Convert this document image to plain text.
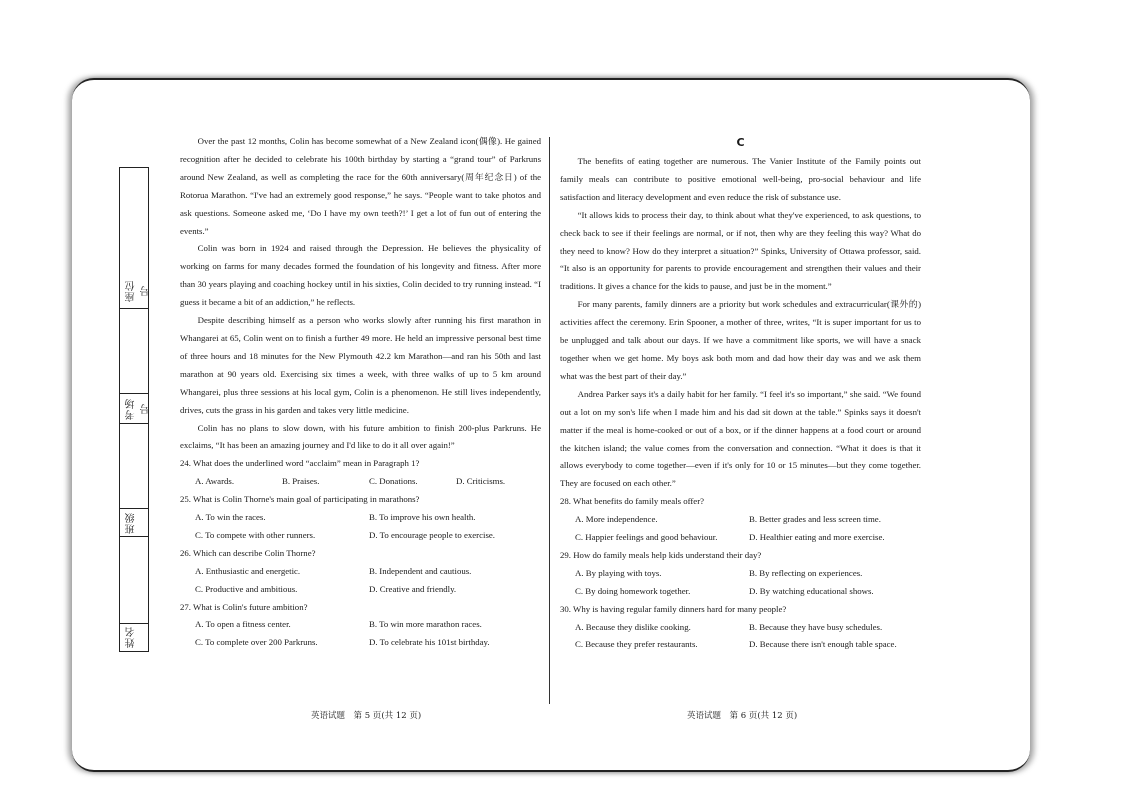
座位号
考场号
班级
姓名

Over the past 12 months, Colin has become somewhat of a New Zealand icon(偶像). He gained recognition after he decided to celebrate his 100th birthday by starting a “grand tour” of Parkruns around New Zealand, as well as completing the race for the 60th anniversary(周年纪念日) of the Rotorua Marathon. “I've had an extremely good response,” he says. “People want to take photos and ask questions. Someone asked me, ‘Do I have my own teeth?!’ I get a lot of fun out of entering the events.”

Colin was born in 1924 and raised through the Depression. He believes the physicality of working on farms for many decades formed the foundation of his longevity and fitness. After more than 30 years playing and coaching hockey until in his sixties, Colin decided to try running instead. “I guess it became a bit of an addiction,” he reflects.

Despite describing himself as a person who works slowly after running his first marathon in Whangarei at 65, Colin went on to finish a further 49 more. He held an impressive personal best time of three hours and 18 minutes for the New Plymouth 42.2 km Marathon—and ran his 50th and last marathon at 90 years old. Exercising six times a week, with three walks of up to 5 km around Whangarei, plus three sessions at his local gym, Colin is a phenomenon. He still lives independently, drives, cuts the grass in his garden and takes very little medicine.

Colin has no plans to slow down, with his future ambition to finish 200-plus Parkruns. He exclaims, “It has been an amazing journey and I'd like to do it all over again!”

24. What does the underlined word “acclaim” mean in Paragraph 1?

A. Awards.	B. Praises.	C. Donations.	D. Criticisms.

25. What is Colin Thorne's main goal of participating in marathons?

A. To win the races.	B. To improve his own health.
C. To compete with other runners.	D. To encourage people to exercise.

26. Which can describe Colin Thorne?

A. Enthusiastic and energetic.	B. Independent and cautious.
C. Productive and ambitious.	D. Creative and friendly.

27. What is Colin's future ambition?

A. To open a fitness center.	B. To win more marathon races.
C. To complete over 200 Parkruns.	D. To celebrate his 101st birthday.
C

The benefits of eating together are numerous. The Vanier Institute of the Family points out family meals can contribute to positive emotional well-being, pro-social behaviour and life satisfaction and literacy development and even reduce the risk of substance use.

“It allows kids to process their day, to think about what they've experienced, to ask questions, to check back to see if their feelings are normal, or if not, then why are they feeling this way? What do they need to know? How do they interpret a situation?” Spinks, University of Ottawa professor, said. “It also is an opportunity for parents to provide encouragement and strengthen their values and their traditions. It gives a chance for the kids to pause, and just be in the moment.”

For many parents, family dinners are a priority but work schedules and extracurricular(课外的) activities affect the ceremony. Erin Spooner, a mother of three, writes, “It is super important for us to be unplugged and talk about our days. If we have a commitment like sports, we will have a snack together when we get home. My boys ask both mom and dad how their day was and we ask them what was the best part of their day.”

Andrea Parker says it's a daily habit for her family. “I feel it's so important,” she said. “We found out a lot on my son's life when I made him and his dad sit down at the table.” Spinks says it doesn't matter if the meal is home-cooked or out of a box, or if the dinner happens at a food court or around the kitchen island; the value comes from the conversation and connection. “What it does is that it allows everybody to come together—even if it's only for 10 or 15 minutes—but they come together. They are focused on each other.”

28. What benefits do family meals offer?

A. More independence.	B. Better grades and less screen time.
C. Happier feelings and good behaviour.	D. Healthier eating and more exercise.

29. How do family meals help kids understand their day?

A. By playing with toys.	B. By reflecting on experiences.
C. By doing homework together.	D. By watching educational shows.

30. Why is having regular family dinners hard for many people?

A. Because they dislike cooking.	B. Because they have busy schedules.
C. Because they prefer restaurants.	D. Because there isn't enough table space.
英语试题　第 5 页(共 12 页)	英语试题　第 6 页(共 12 页)
